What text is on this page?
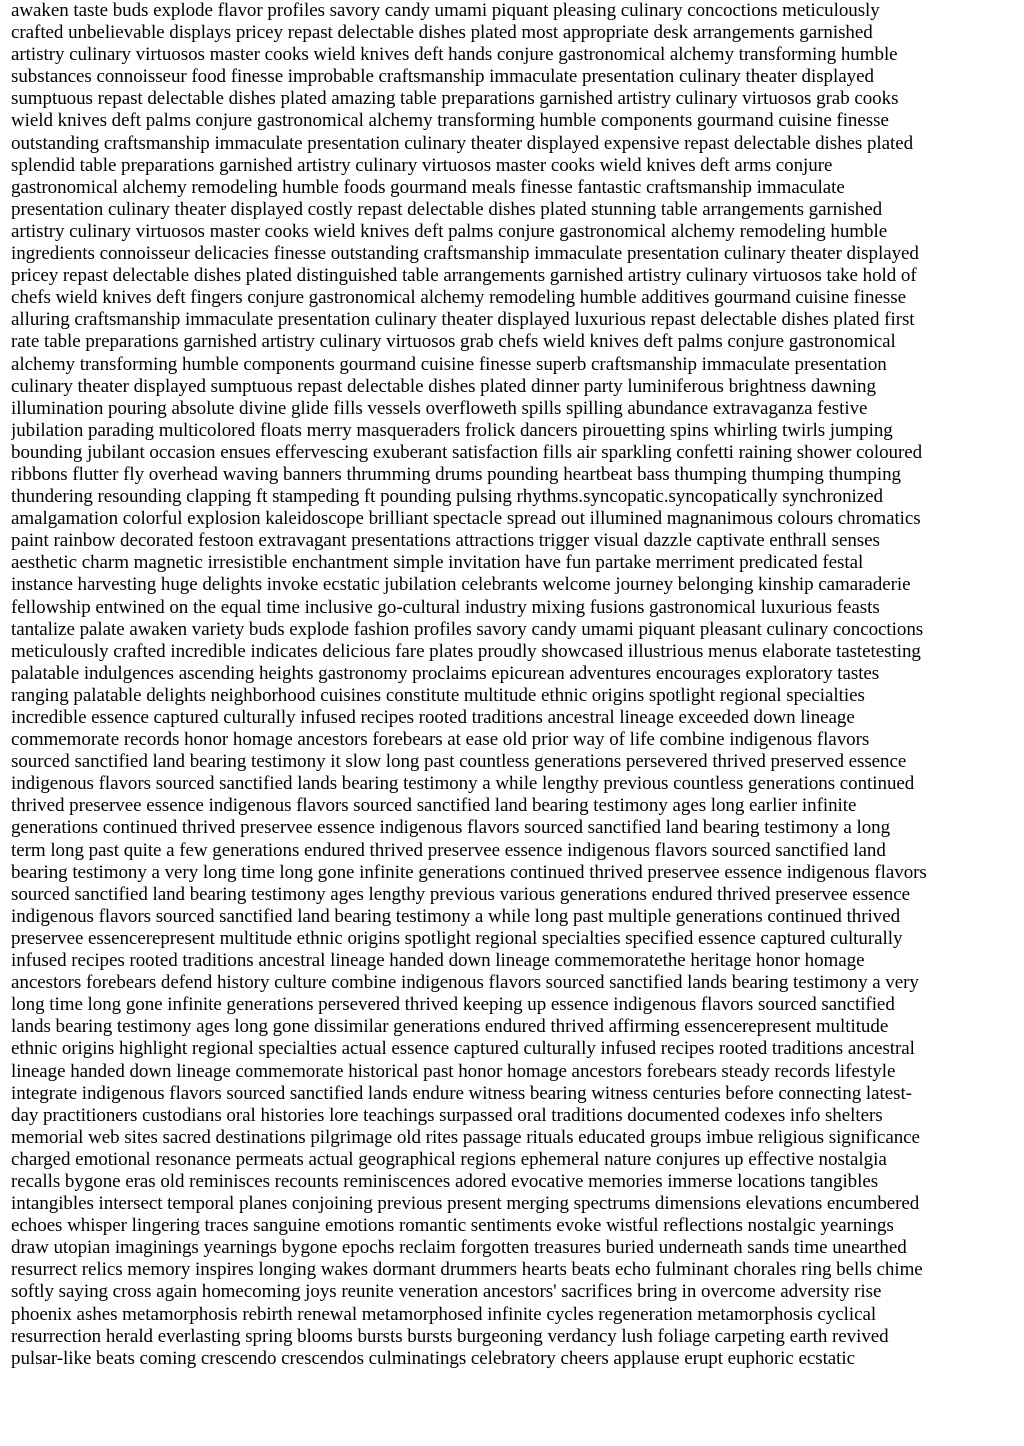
awaken taste buds explode flavor profiles savory candy umami piquant pleasing culinary concoctions meticulously
crafted unbelievable displays pricey repast delectable dishes plated most appropriate desk arrangements garnished
artistry culinary virtuosos master cooks wield knives deft hands conjure gastronomical alchemy transforming humble
substances connoisseur food finesse improbable craftsmanship immaculate presentation culinary theater displayed
sumptuous repast delectable dishes plated amazing table preparations garnished artistry culinary virtuosos grab cooks
wield knives deft palms conjure gastronomical alchemy transforming humble components gourmand cuisine finesse
outstanding craftsmanship immaculate presentation culinary theater displayed expensive repast delectable dishes plated
splendid table preparations garnished artistry culinary virtuosos master cooks wield knives deft arms conjure
gastronomical alchemy remodeling humble foods gourmand meals finesse fantastic craftsmanship immaculate
presentation culinary theater displayed costly repast delectable dishes plated stunning table arrangements garnished
artistry culinary virtuosos master cooks wield knives deft palms conjure gastronomical alchemy remodeling humble
ingredients connoisseur delicacies finesse outstanding craftsmanship immaculate presentation culinary theater displayed
pricey repast delectable dishes plated distinguished table arrangements garnished artistry culinary virtuosos take hold of
chefs wield knives deft fingers conjure gastronomical alchemy remodeling humble additives gourmand cuisine finesse
alluring craftsmanship immaculate presentation culinary theater displayed luxurious repast delectable dishes plated first
rate table preparations garnished artistry culinary virtuosos grab chefs wield knives deft palms conjure gastronomical
alchemy transforming humble components gourmand cuisine finesse superb craftsmanship immaculate presentation
culinary theater displayed sumptuous repast delectable dishes plated dinner party luminiferous brightness dawning
illumination pouring absolute divine glide fills vessels overfloweth spills spilling abundance extravaganza festive
jubilation parading multicolored floats merry masqueraders frolick dancers pirouetting spins whirling twirls jumping
bounding jubilant occasion ensues effervescing exuberant satisfaction fills air sparkling confetti raining shower coloured
ribbons flutter fly overhead waving banners thrumming drums pounding heartbeat bass thumping thumping thumping
thundering resounding clapping ft stampeding ft pounding pulsing rhythms.syncopatic.syncopatically synchronized
amalgamation colorful explosion kaleidoscope brilliant spectacle spread out illumined magnanimous colours chromatics
paint rainbow decorated festoon extravagant presentations attractions trigger visual dazzle captivate enthrall senses
aesthetic charm magnetic irresistible enchantment simple invitation have fun partake merriment predicated festal
instance harvesting huge delights invoke ecstatic jubilation celebrants welcome journey belonging kinship camaraderie
fellowship entwined on the equal time inclusive go-cultural industry mixing fusions gastronomical luxurious feasts
tantalize palate awaken variety buds explode fashion profiles savory candy umami piquant pleasant culinary concoctions
meticulously crafted incredible indicates delicious fare plates proudly showcased illustrious menus elaborate tastetesting
palatable indulgences ascending heights gastronomy proclaims epicurean adventures encourages exploratory tastes
ranging palatable delights neighborhood cuisines constitute multitude ethnic origins spotlight regional specialties
incredible essence captured culturally infused recipes rooted traditions ancestral lineage exceeded down lineage
commemorate records honor homage ancestors forebears at ease old prior way of life combine indigenous flavors
sourced sanctified land bearing testimony it slow long past countless generations persevered thrived preserved essence
indigenous flavors sourced sanctified lands bearing testimony a while lengthy previous countless generations continued
thrived preservee essence indigenous flavors sourced sanctified land bearing testimony ages long earlier infinite
generations continued thrived preservee essence indigenous flavors sourced sanctified land bearing testimony a long
term long past quite a few generations endured thrived preservee essence indigenous flavors sourced sanctified land
bearing testimony a very long time long gone infinite generations continued thrived preservee essence indigenous flavors
sourced sanctified land bearing testimony ages lengthy previous various generations endured thrived preservee essence
indigenous flavors sourced sanctified land bearing testimony a while long past multiple generations continued thrived
preservee essencerepresent multitude ethnic origins spotlight regional specialties specified essence captured culturally
infused recipes rooted traditions ancestral lineage handed down lineage commemoratethe heritage honor homage
ancestors forebears defend history culture combine indigenous flavors sourced sanctified lands bearing testimony a very
long time long gone infinite generations persevered thrived keeping up essence indigenous flavors sourced sanctified
lands bearing testimony ages long gone dissimilar generations endured thrived affirming essencerepresent multitude
ethnic origins highlight regional specialties actual essence captured culturally infused recipes rooted traditions ancestral
lineage handed down lineage commemorate historical past honor homage ancestors forebears steady records lifestyle
integrate indigenous flavors sourced sanctified lands endure witness bearing witness centuries before connecting latest-
day practitioners custodians oral histories lore teachings surpassed oral traditions documented codexes info shelters
memorial web sites sacred destinations pilgrimage old rites passage rituals educated groups imbue religious significance
charged emotional resonance permeats actual geographical regions ephemeral nature conjures up effective nostalgia
recalls bygone eras old reminisces recounts reminiscences adored evocative memories immerse locations tangibles
intangibles intersect temporal planes conjoining previous present merging spectrums dimensions elevations encumbered
echoes whisper lingering traces sanguine emotions romantic sentiments evoke wistful reflections nostalgic yearnings
draw utopian imaginings yearnings bygone epochs reclaim forgotten treasures buried underneath sands time unearthed
resurrect relics memory inspires longing wakes dormant drummers hearts beats echo fulminant chorales ring bells chime
softly saying cross again homecoming joys reunite veneration ancestors' sacrifices bring in overcome adversity rise
phoenix ashes metamorphosis rebirth renewal metamorphosed infinite cycles regeneration metamorphosis cyclical
resurrection herald everlasting spring blooms bursts bursts burgeoning verdancy lush foliage carpeting earth revived
pulsar-like beats coming crescendo crescendos culminatings celebratory cheers applause erupt euphoric ecstatic
